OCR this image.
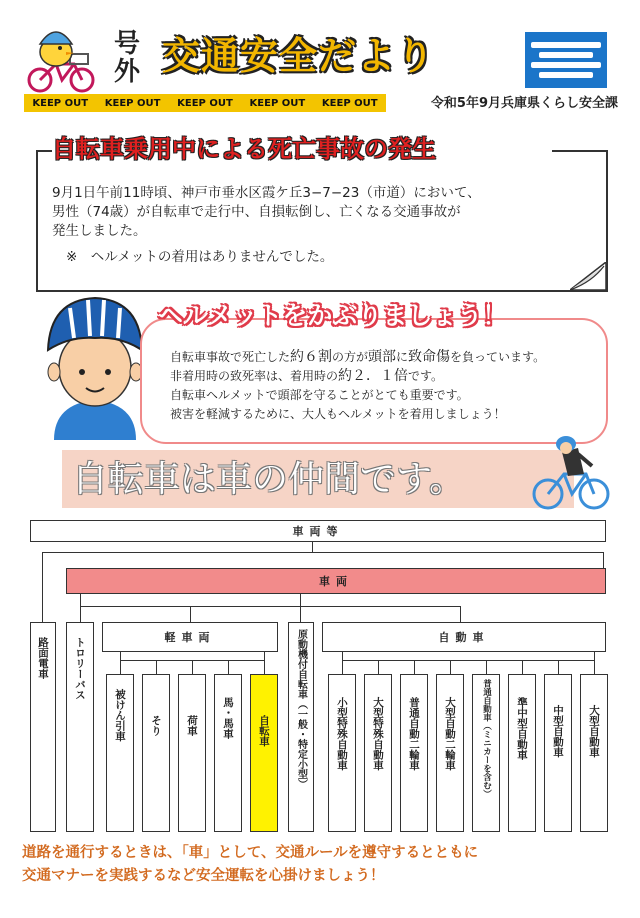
号
外 交通安全だより
KEEP OUT KEEP OUT KEEP OUT KEEP OUT KEEP OUT	令和5年9月兵庫県くらし安全課
自転車乗用中による死亡事故の発生
9月1日午前11時頃、神戸市垂水区霞ケ丘3−7−23（市道）において、
男性（74歳）が自転車で走行中、自損転倒し、亡くなる交通事故が
発生しました。
※　ヘルメットの着用はありませんでした。
ヘルメットをかぶりましょう！
自転車事故で死亡した約６割の方が頭部に致命傷を負っています。
非着用時の致死率は、着用時の約２．１倍です。
自転車ヘルメットで頭部を守ることがとても重要です。
被害を軽減するために、大人もヘルメットを着用しましょう！
自転車は車の仲間です。
車両等
車両
路面電車	トロリーバス	軽車両	原動機付自転車（一般・特定小型）	自動車
被けん引車	そり	荷車	馬・馬車	自転車	小型特殊自動車	大型特殊自動車	普通自動二輪車	大型自動二輪車	普通自動車（ミニカーを含む）	準中型自動車	中型自動車	大型自動車
道路を通行するときは、「車」として、交通ルールを遵守するとともに
交通マナーを実践するなど安全運転を心掛けましょう！
